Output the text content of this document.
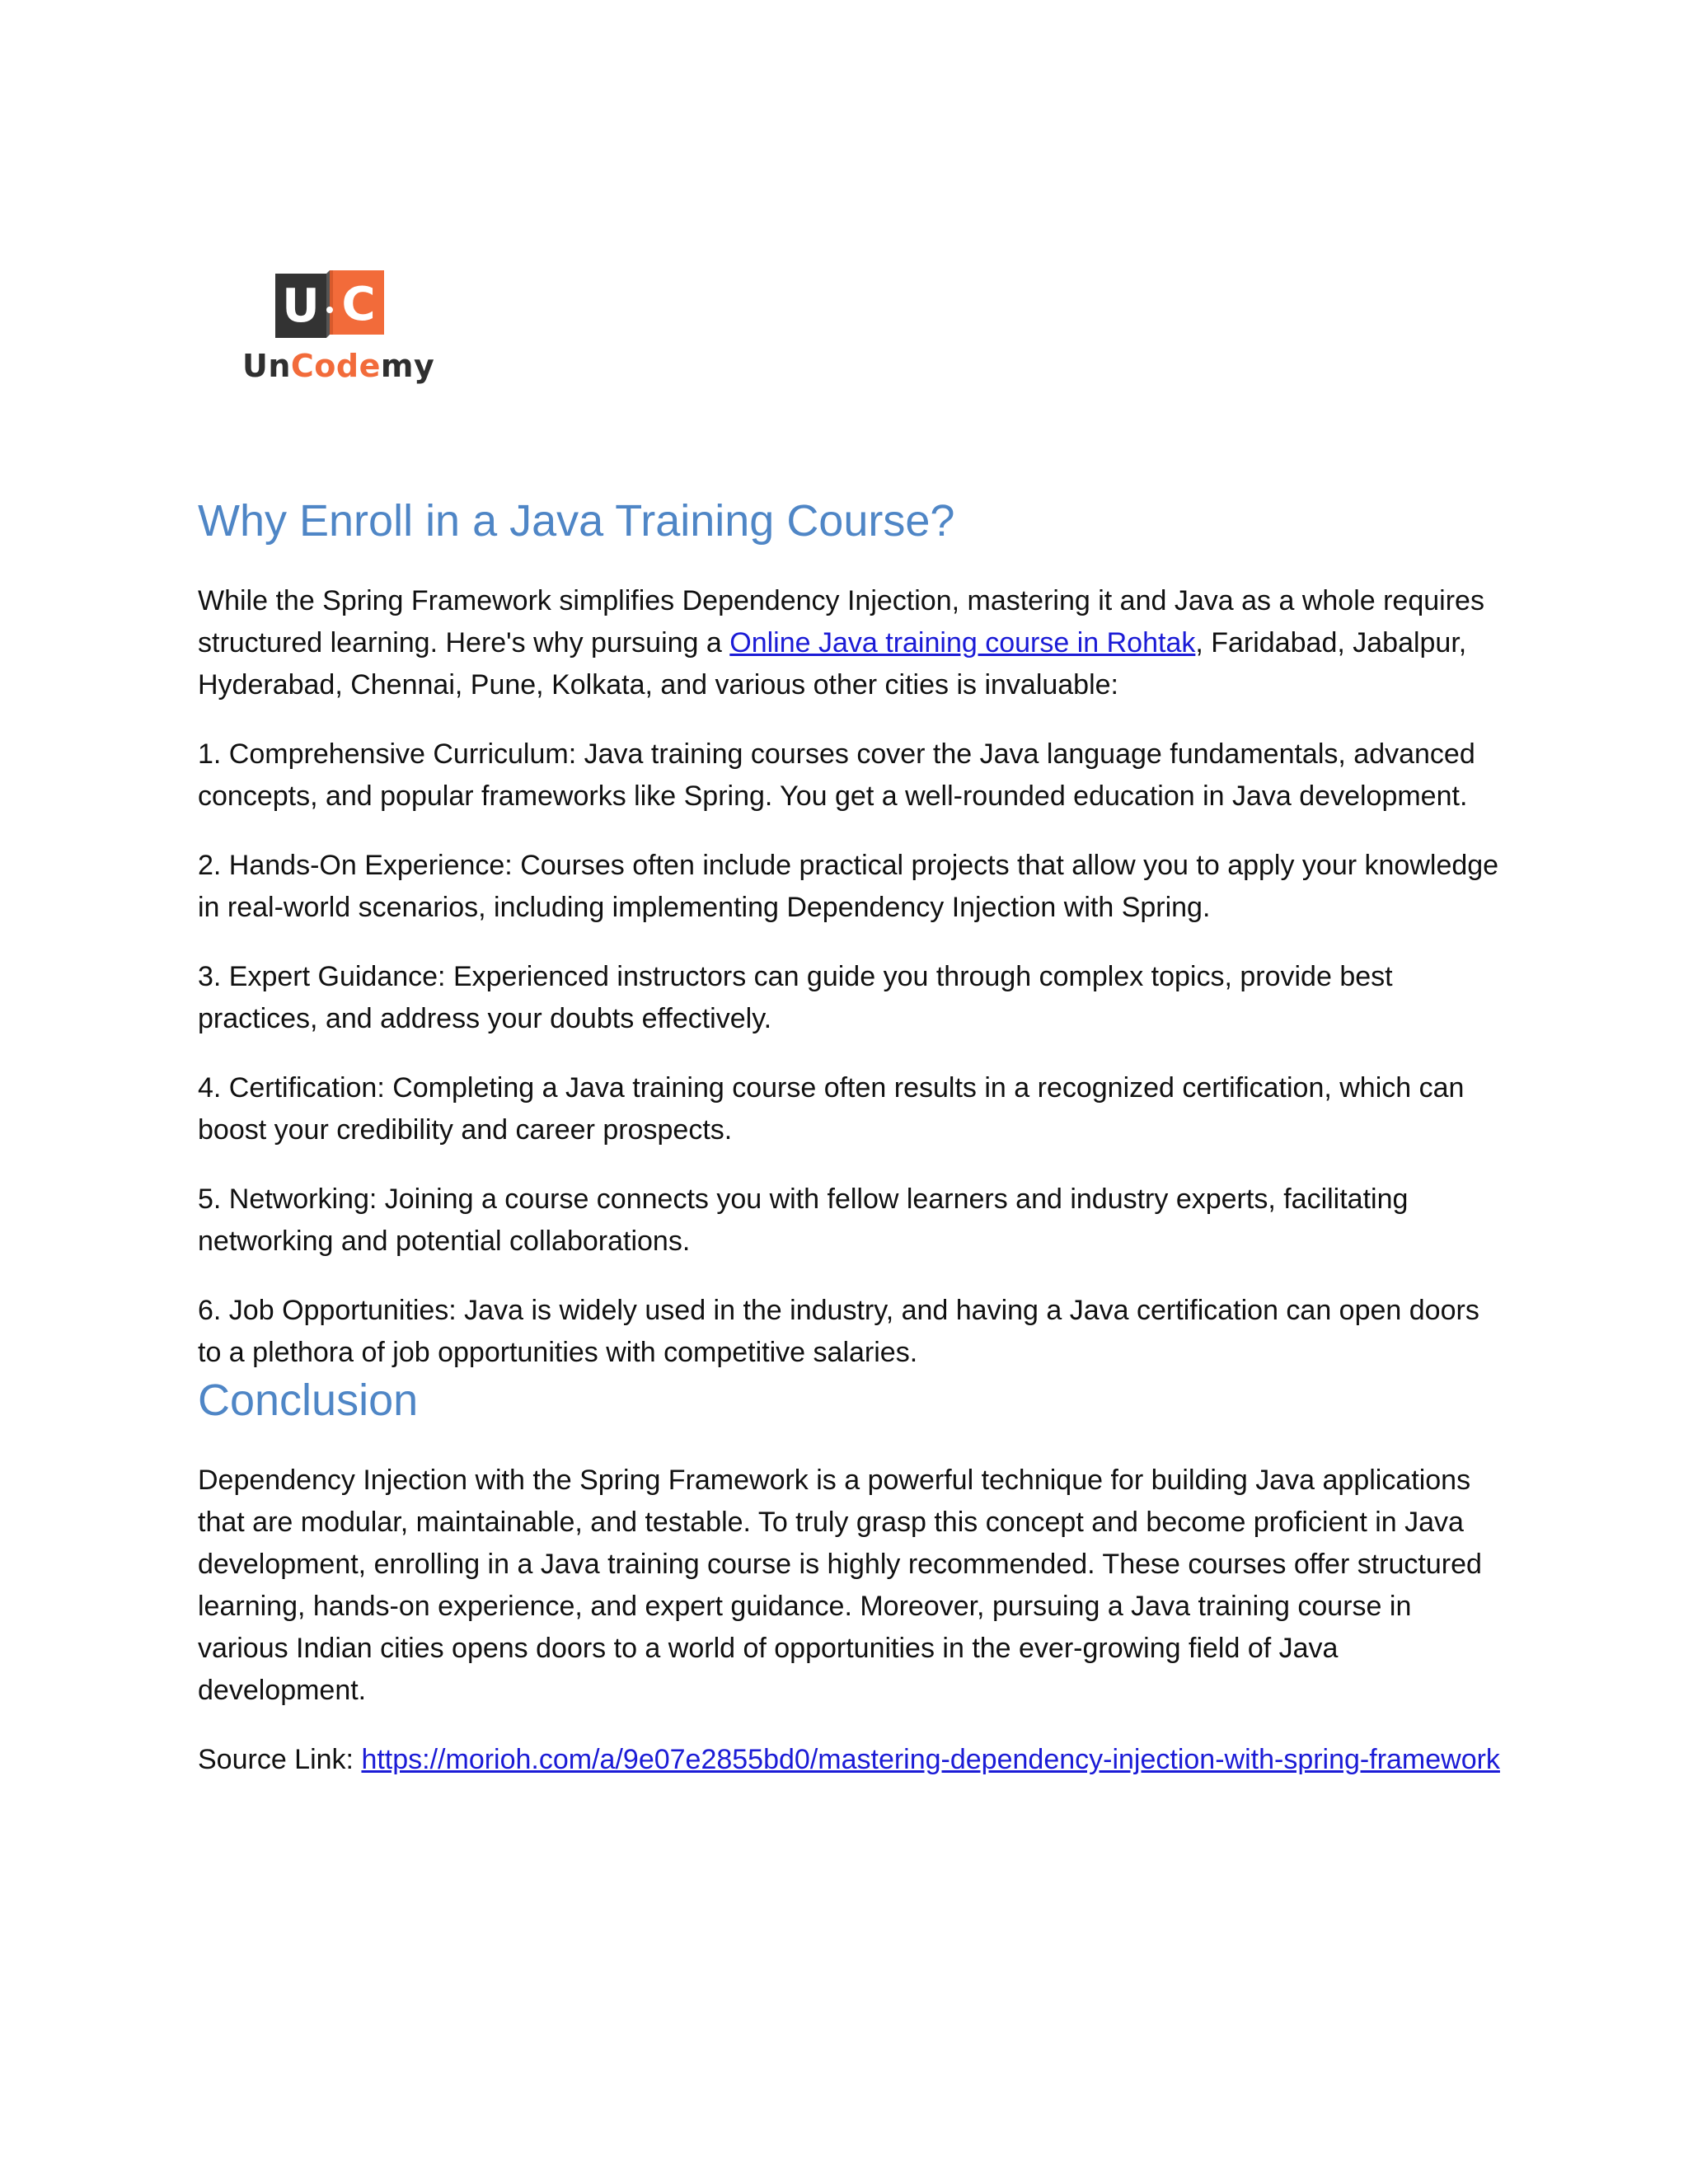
U C
UnCodemy
Why Enroll in a Java Training Course?

While the Spring Framework simplifies Dependency Injection, mastering it and Java as a whole requires structured learning. Here's why pursuing a Online Java training course in Rohtak, Faridabad, Jabalpur, Hyderabad, Chennai, Pune, Kolkata, and various other cities is invaluable:

1. Comprehensive Curriculum: Java training courses cover the Java language fundamentals, advanced concepts, and popular frameworks like Spring. You get a well-rounded education in Java development.

2. Hands-On Experience: Courses often include practical projects that allow you to apply your knowledge in real-world scenarios, including implementing Dependency Injection with Spring.

3. Expert Guidance: Experienced instructors can guide you through complex topics, provide best practices, and address your doubts effectively.

4. Certification: Completing a Java training course often results in a recognized certification, which can boost your credibility and career prospects.

5. Networking: Joining a course connects you with fellow learners and industry experts, facilitating networking and potential collaborations.

6. Job Opportunities: Java is widely used in the industry, and having a Java certification can open doors to a plethora of job opportunities with competitive salaries.

Conclusion

Dependency Injection with the Spring Framework is a powerful technique for building Java applications that are modular, maintainable, and testable. To truly grasp this concept and become proficient in Java development, enrolling in a Java training course is highly recommended. These courses offer structured learning, hands-on experience, and expert guidance. Moreover, pursuing a Java training course in various Indian cities opens doors to a world of opportunities in the ever-growing field of Java development.

Source Link: https://morioh.com/a/9e07e2855bd0/mastering-dependency-injection-with-spring-framework
